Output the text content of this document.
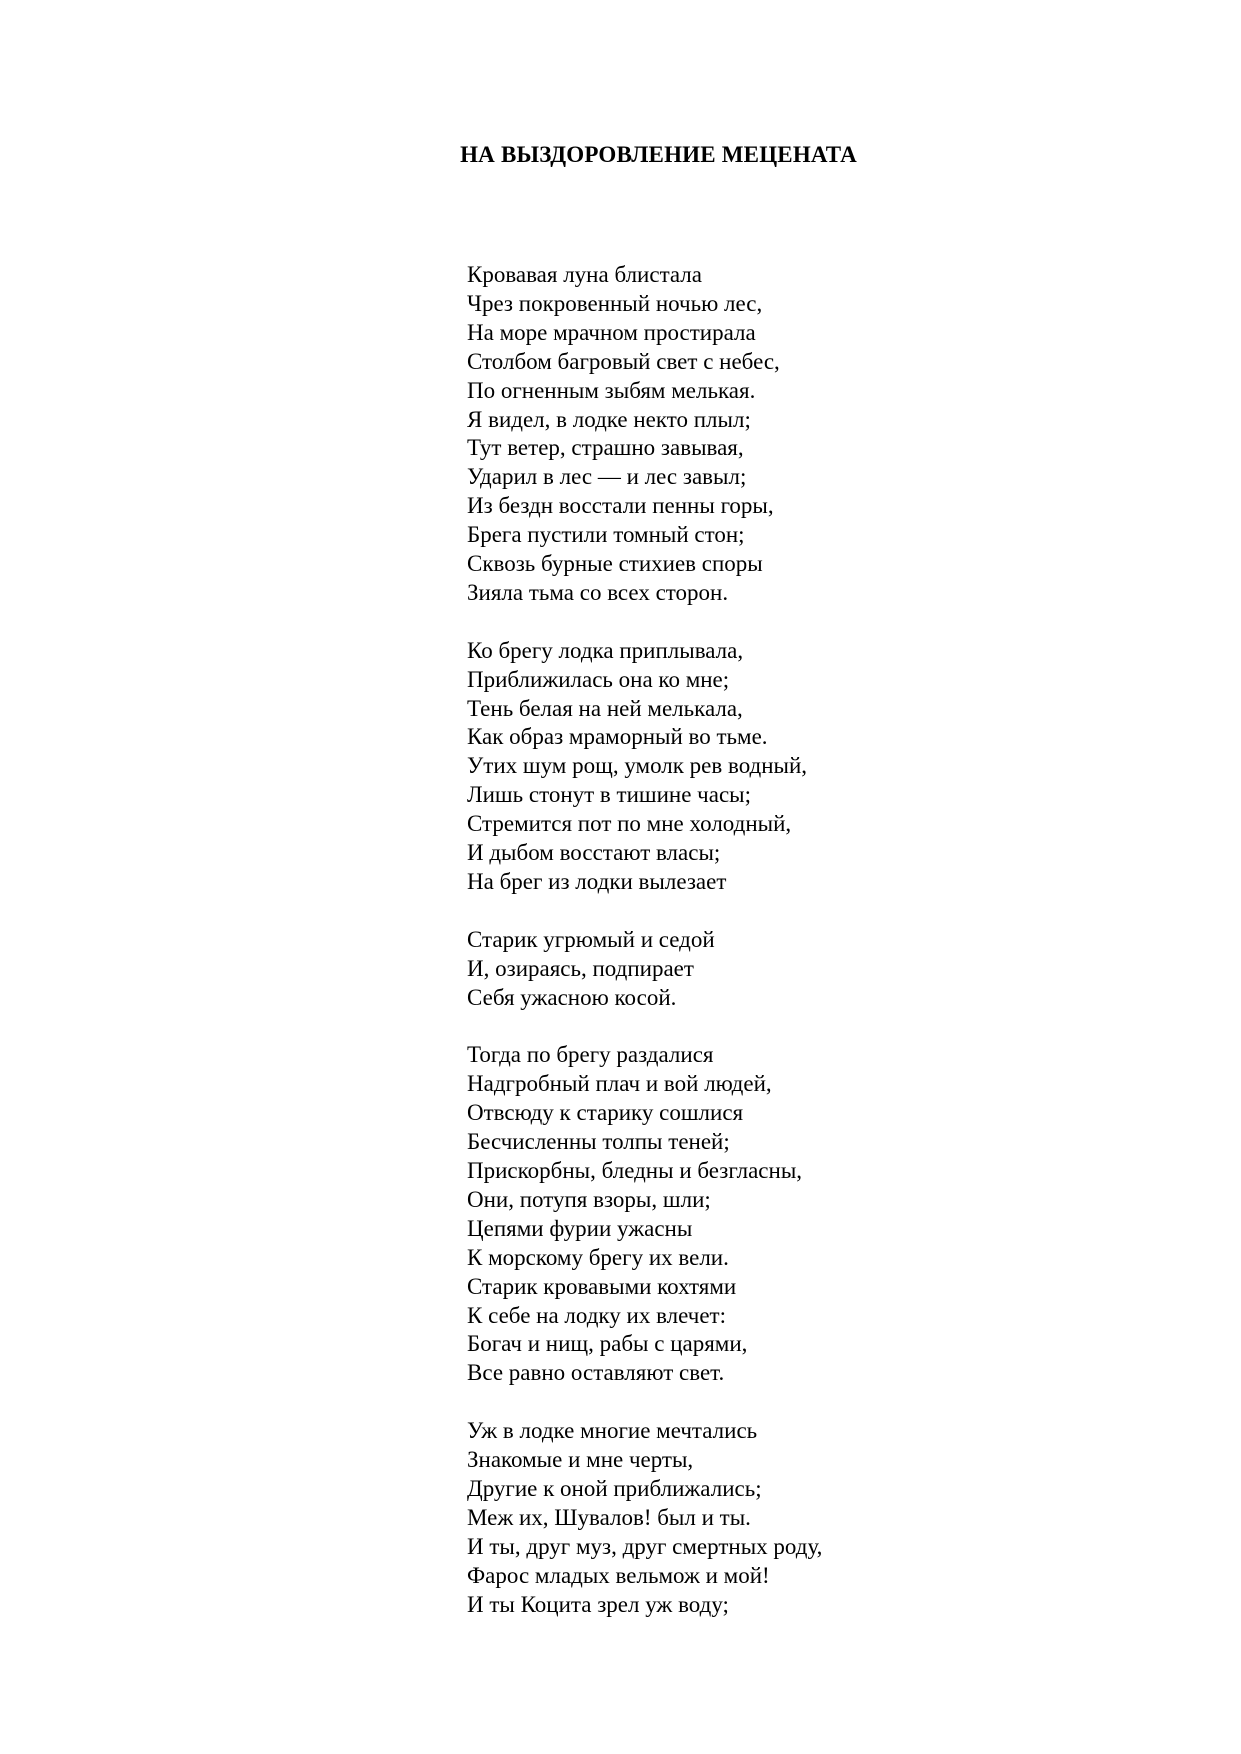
НА ВЫЗДОРОВЛЕНИЕ МЕЦЕНАТА
Кровавая луна блистала
Чрез покровенный ночью лес,
На море мрачном простирала
Столбом багровый свет с небес,
По огненным зыбям мелькая.
Я видел, в лодке некто плыл;
Тут ветер, страшно завывая,
Ударил в лес — и лес завыл;
Из бездн восстали пенны горы,
Брега пустили томный стон;
Сквозь бурные стихиев споры
Зияла тьма со всех сторон.
Ко брегу лодка приплывала,
Приближилась она ко мне;
Тень белая на ней мелькала,
Как образ мраморный во тьме.
Утих шум рощ, умолк рев водный,
Лишь стонут в тишине часы;
Стремится пот по мне холодный,
И дыбом восстают власы;
На брег из лодки вылезает
Старик угрюмый и седой
И, озираясь, подпирает
Себя ужасною косой.
Тогда по брегу раздалися
Надгробный плач и вой людей,
Отвсюду к старику сошлися
Бесчисленны толпы теней;
Прискорбны, бледны и безгласны,
Они, потупя взоры, шли;
Цепями фурии ужасны
К морскому брегу их вели.
Старик кровавыми кохтями
К себе на лодку их влечет:
Богач и нищ, рабы с царями,
Все равно оставляют свет.
Уж в лодке многие мечтались
Знакомые и мне черты,
Другие к оной приближались;
Меж их, Шувалов! был и ты.
И ты, друг муз, друг смертных роду,
Фарос младых вельмож и мой!
И ты Коцита зрел уж воду;
